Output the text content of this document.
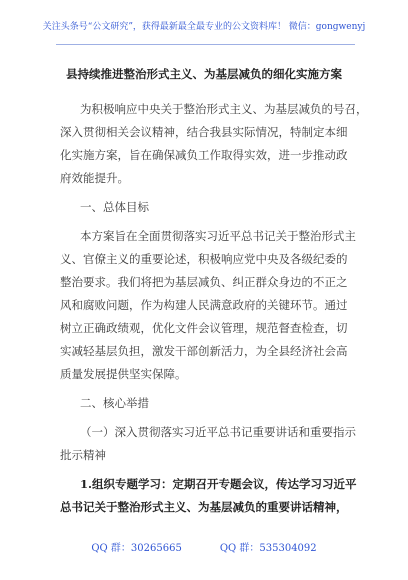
关注头条号“公文研究”，获得最新最全最专业的公文资料库！ 微信：gongwenyj
县持续推进整治形式主义、为基层减负的细化实施方案
为积极响应中央关于整治形式主义、为基层减负的号召，
深入贯彻相关会议精神，结合我县实际情况，特制定本细
化实施方案，旨在确保减负工作取得实效，进一步推动政
府效能提升。
一、总体目标
本方案旨在全面贯彻落实习近平总书记关于整治形式主
义、官僚主义的重要论述，积极响应党中央及各级纪委的
整治要求。我们将把为基层减负、纠正群众身边的不正之
风和腐败问题，作为构建人民满意政府的关键环节。通过
树立正确政绩观，优化文件会议管理，规范督查检查，切
实减轻基层负担，激发干部创新活力，为全县经济社会高
质量发展提供坚实保障。
二、核心举措
（一）深入贯彻落实习近平总书记重要讲话和重要指示
批示精神
1.组织专题学习：定期召开专题会议，传达学习习近平
总书记关于整治形式主义、为基层减负的重要讲话精神，
QQ 群：30265665	QQ 群：535304092
